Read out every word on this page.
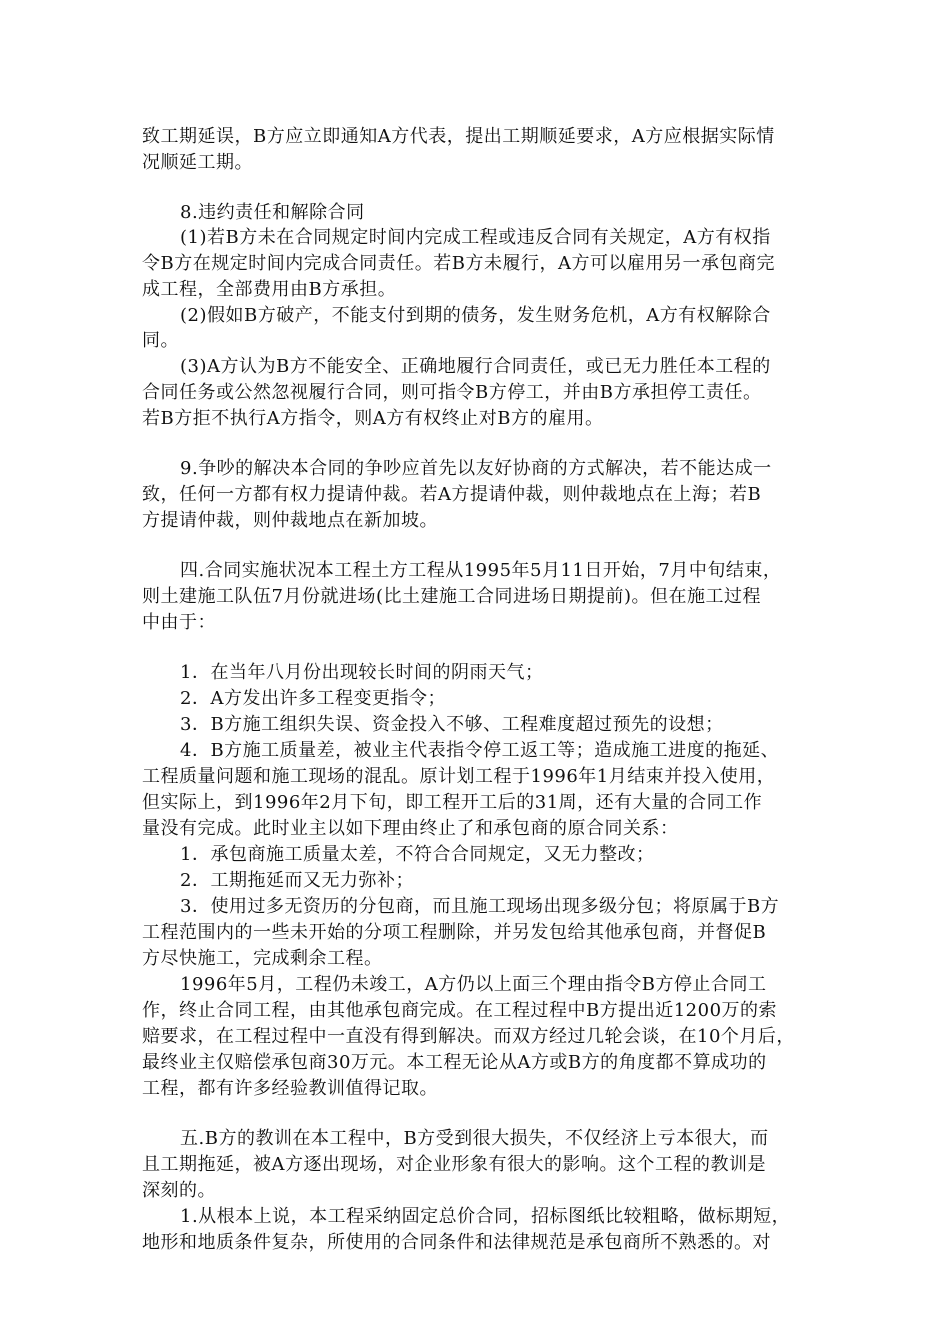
致工期延误，B方应立即通知A方代表，提出工期顺延要求，A方应根据实际情
况顺延工期。
8.违约责任和解除合同
(1)若B方未在合同规定时间内完成工程或违反合同有关规定，A方有权指
令B方在规定时间内完成合同责任。若B方未履行，A方可以雇用另一承包商完
成工程，全部费用由B方承担。
(2)假如B方破产，不能支付到期的债务，发生财务危机，A方有权解除合
同。
(3)A方认为B方不能安全、正确地履行合同责任，或已无力胜任本工程的
合同任务或公然忽视履行合同，则可指令B方停工，并由B方承担停工责任。
若B方拒不执行A方指令，则A方有权终止对B方的雇用。
9.争吵的解决本合同的争吵应首先以友好协商的方式解决，若不能达成一
致，任何一方都有权力提请仲裁。若A方提请仲裁，则仲裁地点在上海；若B
方提请仲裁，则仲裁地点在新加坡。
四.合同实施状况本工程土方工程从1995年5月11日开始，7月中旬结束，
则土建施工队伍7月份就进场(比土建施工合同进场日期提前)。但在施工过程
中由于：
1．在当年八月份出现较长时间的阴雨天气；
2．A方发出许多工程变更指令；
3．B方施工组织失误、资金投入不够、工程难度超过预先的设想；
4．B方施工质量差，被业主代表指令停工返工等；造成施工进度的拖延、
工程质量问题和施工现场的混乱。原计划工程于1996年1月结束并投入使用，
但实际上，到1996年2月下旬，即工程开工后的31周，还有大量的合同工作
量没有完成。此时业主以如下理由终止了和承包商的原合同关系：
1．承包商施工质量太差，不符合合同规定，又无力整改；
2．工期拖延而又无力弥补；
3．使用过多无资历的分包商，而且施工现场出现多级分包；将原属于B方
工程范围内的一些未开始的分项工程删除，并另发包给其他承包商，并督促B
方尽快施工，完成剩余工程。
1996年5月，工程仍未竣工，A方仍以上面三个理由指令B方停止合同工
作，终止合同工程，由其他承包商完成。在工程过程中B方提出近1200万的索
赔要求，在工程过程中一直没有得到解决。而双方经过几轮会谈，在10个月后，
最终业主仅赔偿承包商30万元。本工程无论从A方或B方的角度都不算成功的
工程，都有许多经验教训值得记取。
五.B方的教训在本工程中，B方受到很大损失，不仅经济上亏本很大，而
且工期拖延，被A方逐出现场，对企业形象有很大的影响。这个工程的教训是
深刻的。
1.从根本上说，本工程采纳固定总价合同，招标图纸比较粗略，做标期短，
地形和地质条件复杂，所使用的合同条件和法律规范是承包商所不熟悉的。对
